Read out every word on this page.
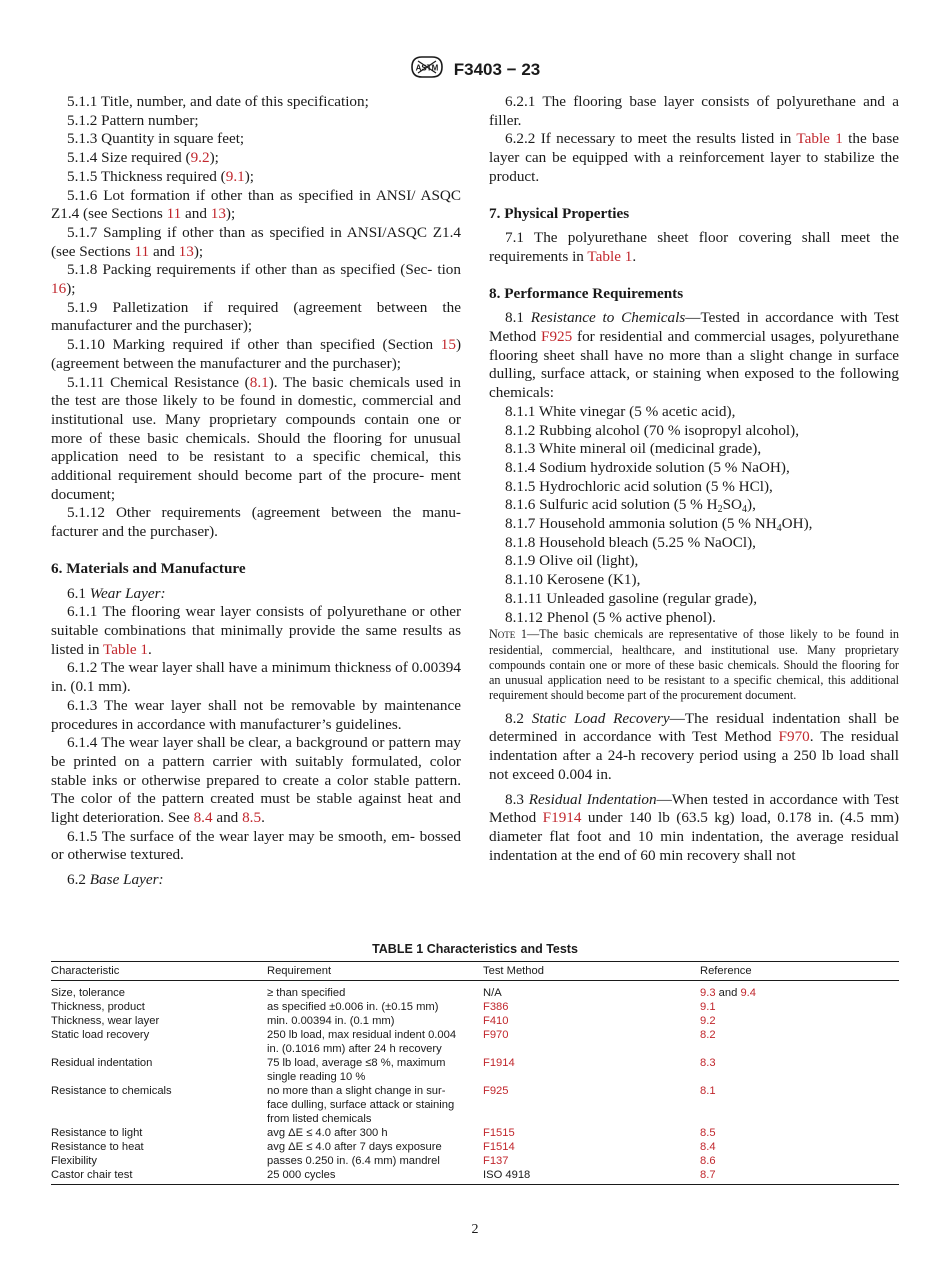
ASTM F3403 − 23

5.1.1 Title, number, and date of this specification;

5.1.2 Pattern number;

5.1.3 Quantity in square feet;

5.1.4 Size required (9.2);

5.1.5 Thickness required (9.1);

5.1.6 Lot formation if other than as specified in ANSI/ ASQC Z1.4 (see Sections 11 and 13);

5.1.7 Sampling if other than as specified in ANSI/ASQC Z1.4 (see Sections 11 and 13);

5.1.8 Packing requirements if other than as specified (Sec- tion 16);

5.1.9 Palletization if required (agreement between the manufacturer and the purchaser);

5.1.10 Marking required if other than specified (Section 15) (agreement between the manufacturer and the purchaser);

5.1.11 Chemical Resistance (8.1). The basic chemicals used in the test are those likely to be found in domestic, commercial and institutional use. Many proprietary compounds contain one or more of these basic chemicals. Should the flooring for unusual application need to be resistant to a specific chemical, this additional requirement should become part of the procure- ment document;

5.1.12 Other requirements (agreement between the manu- facturer and the purchaser).

6. Materials and Manufacture

6.1 Wear Layer:

6.1.1 The flooring wear layer consists of polyurethane or other suitable combinations that minimally provide the same results as listed in Table 1.

6.1.2 The wear layer shall have a minimum thickness of 0.00394 in. (0.1 mm).

6.1.3 The wear layer shall not be removable by maintenance procedures in accordance with manufacturer’s guidelines.

6.1.4 The wear layer shall be clear, a background or pattern may be printed on a pattern carrier with suitably formulated, color stable inks or otherwise prepared to create a color stable pattern. The color of the pattern created must be stable against heat and light deterioration. See 8.4 and 8.5.

6.1.5 The surface of the wear layer may be smooth, em- bossed or otherwise textured.

6.2 Base Layer:

6.2.1 The flooring base layer consists of polyurethane and a filler.

6.2.2 If necessary to meet the results listed in Table 1 the base layer can be equipped with a reinforcement layer to stabilize the product.

7. Physical Properties

7.1 The polyurethane sheet floor covering shall meet the requirements in Table 1.

8. Performance Requirements

8.1 Resistance to Chemicals—Tested in accordance with Test Method F925 for residential and commercial usages, polyurethane flooring sheet shall have no more than a slight change in surface dulling, surface attack, or staining when exposed to the following chemicals:

8.1.1 White vinegar (5 % acetic acid),

8.1.2 Rubbing alcohol (70 % isopropyl alcohol),

8.1.3 White mineral oil (medicinal grade),

8.1.4 Sodium hydroxide solution (5 % NaOH),

8.1.5 Hydrochloric acid solution (5 % HCl),

8.1.6 Sulfuric acid solution (5 % $H_2SO_4$),

8.1.7 Household ammonia solution (5 % $NH_4OH$),

8.1.8 Household bleach (5.25 % NaOCl),

8.1.9 Olive oil (light),

8.1.10 Kerosene (K1),

8.1.11 Unleaded gasoline (regular grade),

8.1.12 Phenol (5 % active phenol).

Note 1—The basic chemicals are representative of those likely to be found in residential, commercial, healthcare, and institutional use. Many proprietary compounds contain one or more of these basic chemicals. Should the flooring for an unusual application need to be resistant to a specific chemical, this additional requirement should become part of the procurement document.

8.2 Static Load Recovery—The residual indentation shall be determined in accordance with Test Method F970. The residual indentation after a 24-h recovery period using a 250 lb load shall not exceed 0.004 in.

8.3 Residual Indentation—When tested in accordance with Test Method F1914 under 140 lb (63.5 kg) load, 0.178 in. (4.5 mm) diameter flat foot and 10 min indentation, the average residual indentation at the end of 60 min recovery shall not

TABLE 1 Characteristics and Tests
Characteristic	Requirement	Test Method	Reference
Size, tolerance	≥ than specified	N/A	9.3 and 9.4
Thickness, product	as specified ±0.006 in. (±0.15 mm)	F386	9.1
Thickness, wear layer	min. 0.00394 in. (0.1 mm)	F410	9.2
Static load recovery	250 lb load, max residual indent 0.004
in. (0.1016 mm) after 24 h recovery	F970	8.2
Residual indentation	75 lb load, average ≤8 %, maximum
single reading 10 %	F1914	8.3
Resistance to chemicals	no more than a slight change in sur-
face dulling, surface attack or staining
from listed chemicals	F925	8.1
Resistance to light	avg ΔE ≤ 4.0 after 300 h	F1515	8.5
Resistance to heat	avg ΔE ≤ 4.0 after 7 days exposure	F1514	8.4
Flexibility	passes 0.250 in. (6.4 mm) mandrel	F137	8.6
Castor chair test	25 000 cycles	ISO 4918	8.7
2
